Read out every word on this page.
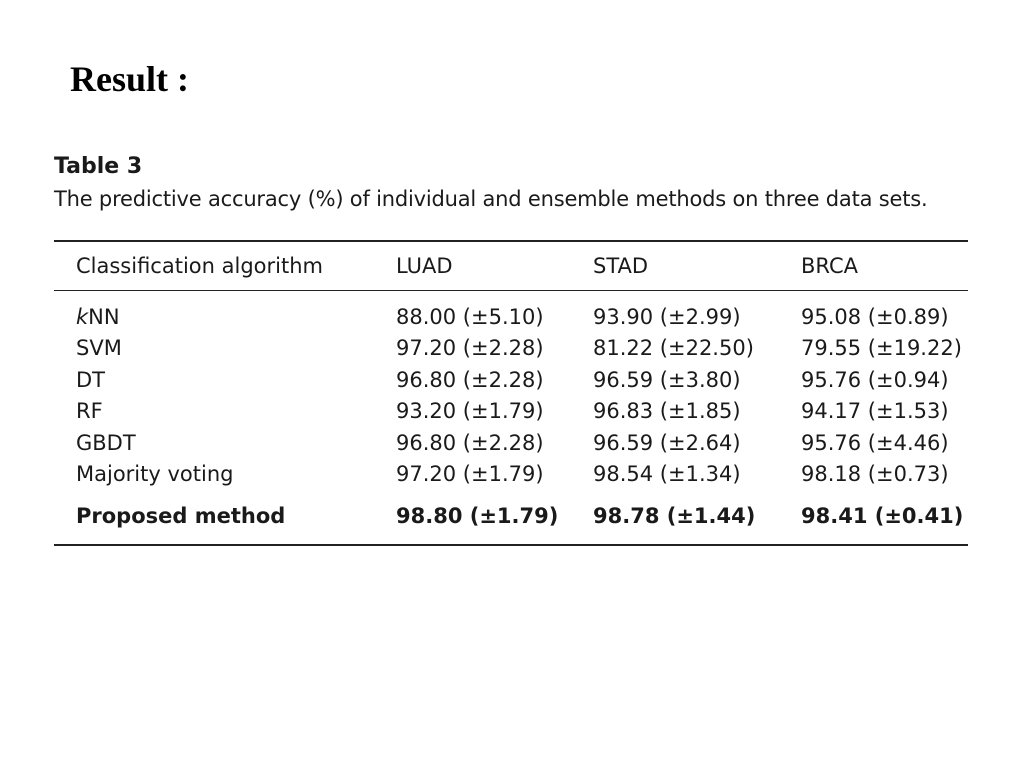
Result :

Table 3

The predictive accuracy (%) of individual and ensemble methods on three data sets.

Classification algorithm	LUAD	STAD	BRCA
kNN	88.00 (±5.10)	93.90 (±2.99)	95.08 (±0.89)
SVM	97.20 (±2.28)	81.22 (±22.50)	79.55 (±19.22)
DT	96.80 (±2.28)	96.59 (±3.80)	95.76 (±0.94)
RF	93.20 (±1.79)	96.83 (±1.85)	94.17 (±1.53)
GBDT	96.80 (±2.28)	96.59 (±2.64)	95.76 (±4.46)
Majority voting	97.20 (±1.79)	98.54 (±1.34)	98.18 (±0.73)
Proposed method	98.80 (±1.79)	98.78 (±1.44)	98.41 (±0.41)
